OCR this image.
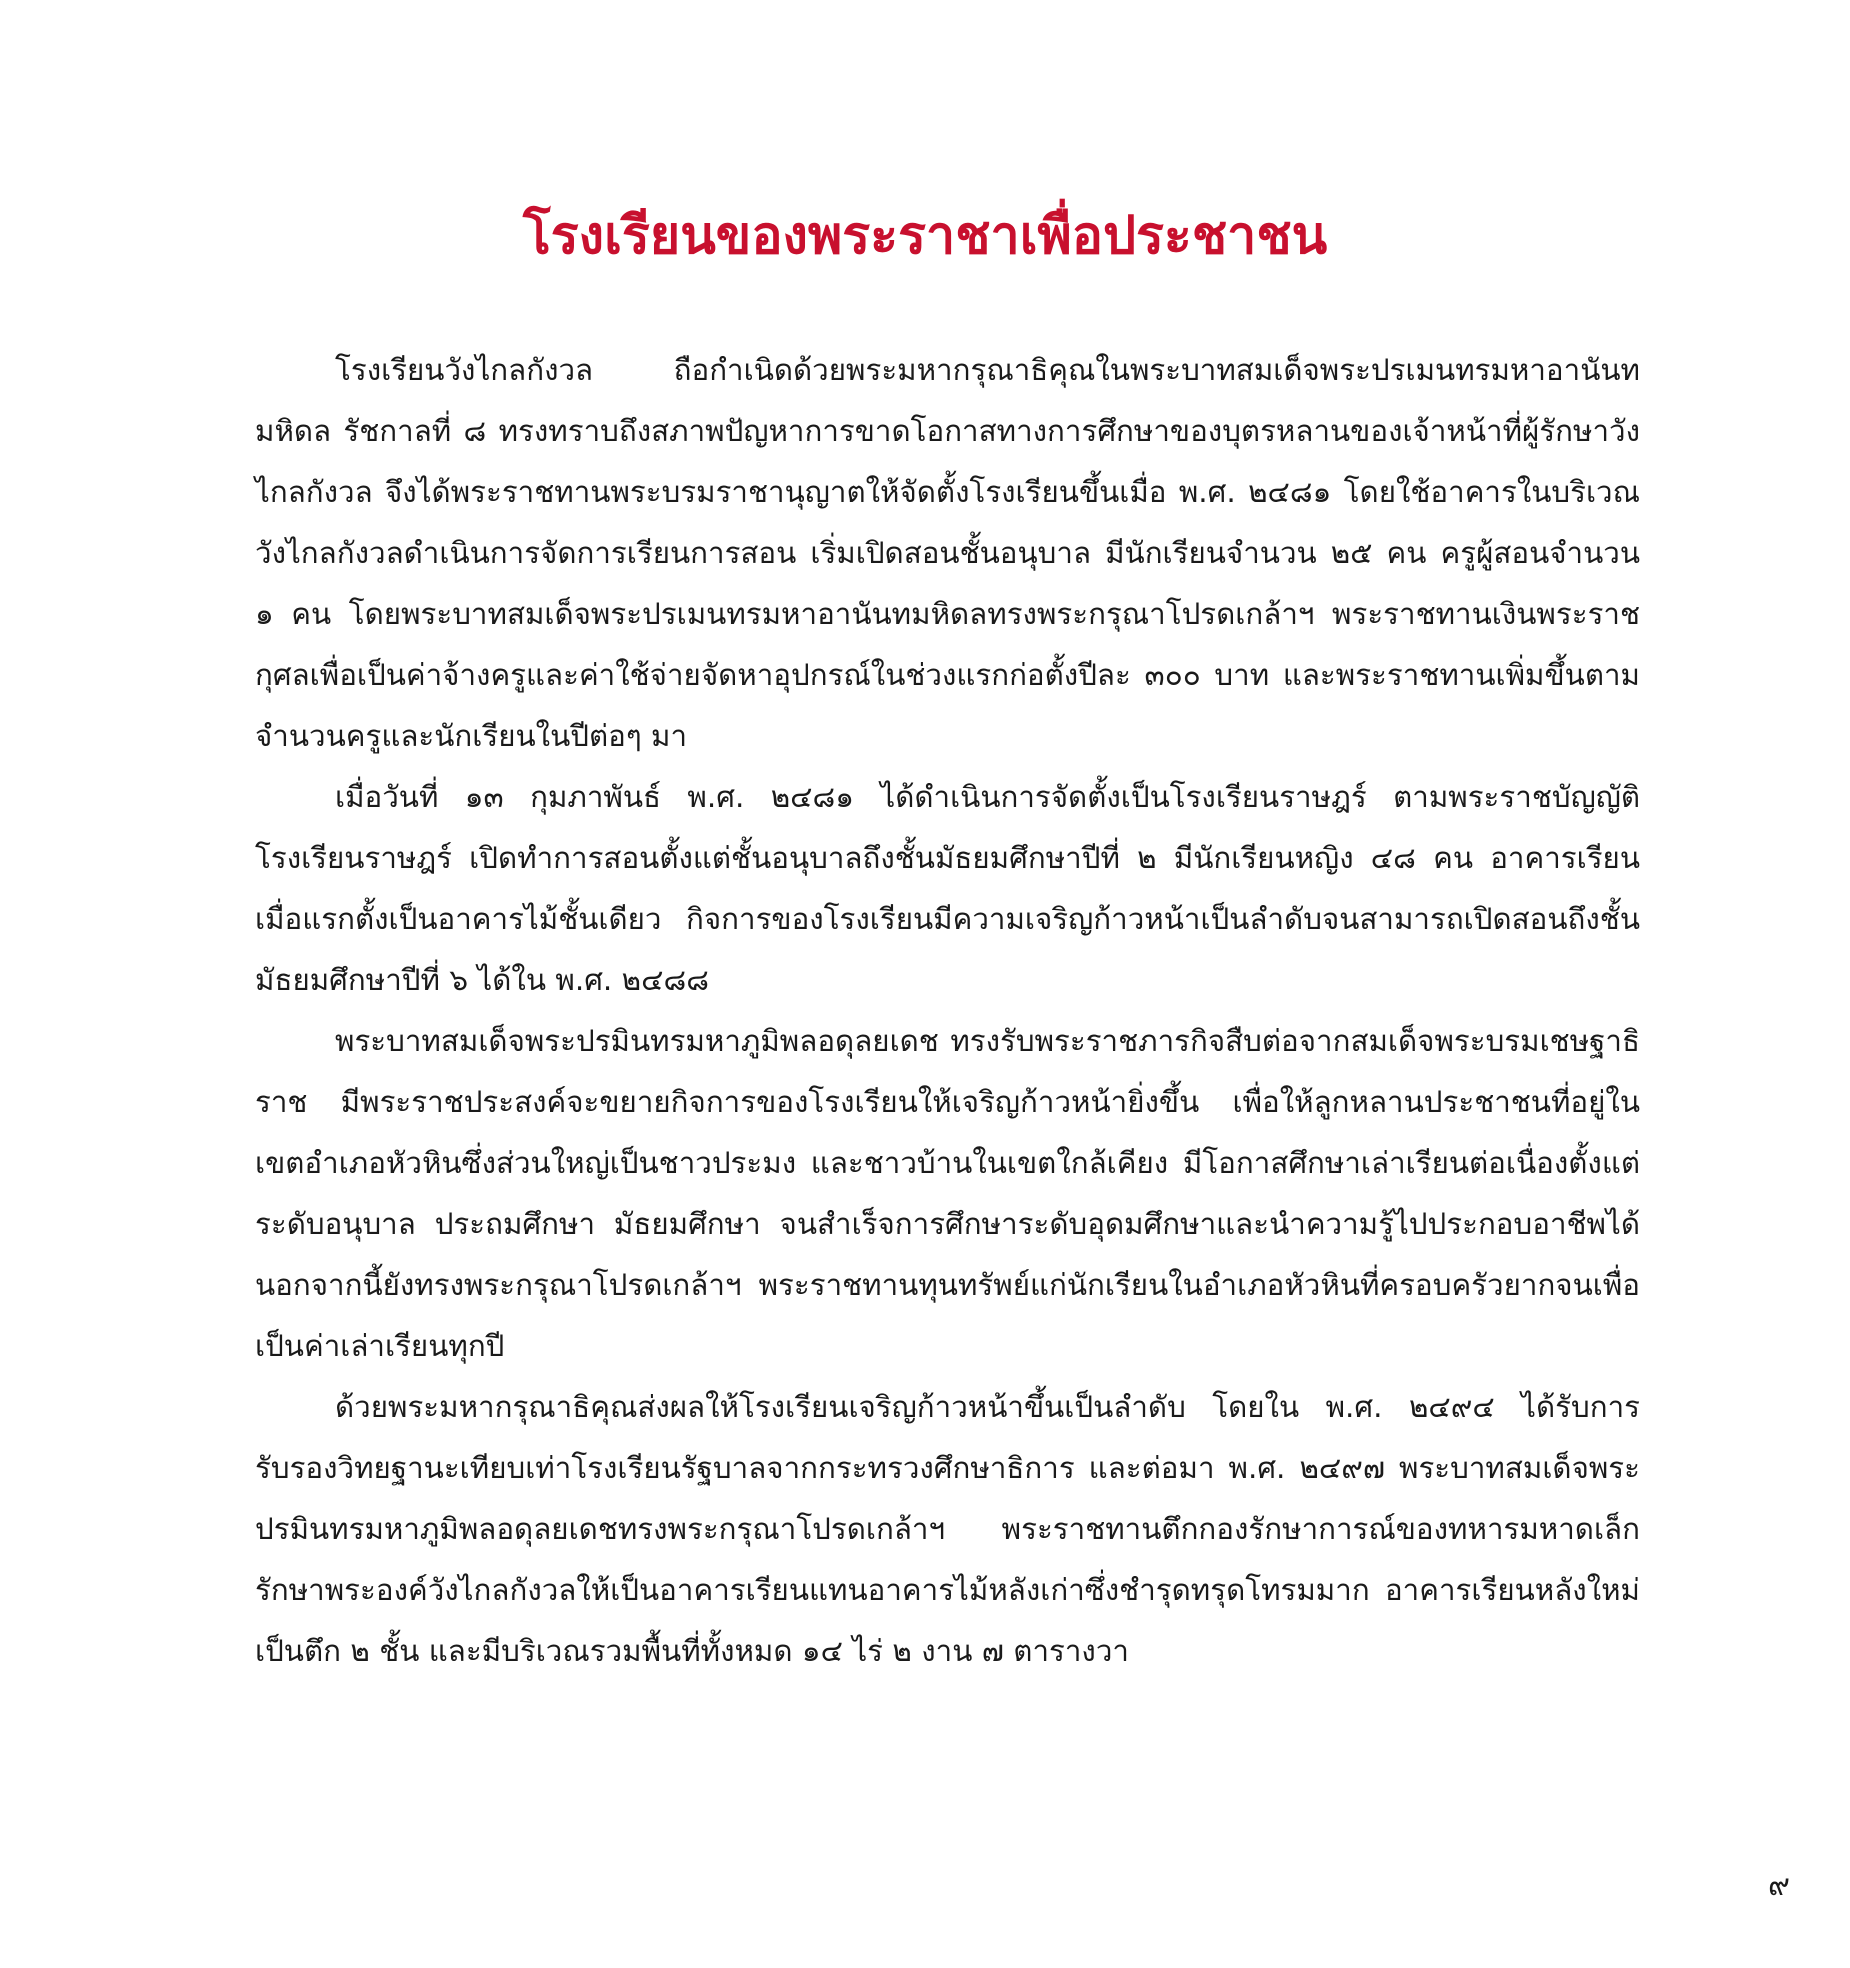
โรงเรียนของพระราชาเพื่อประชาชน

โรงเรียนวังไกลกังวล ถือกำเนิดด้วยพระมหากรุณาธิคุณในพระบาทสมเด็จพระปรเมนทรมหาอานันทมหิดล รัชกาลที่ ๘ ทรงทราบถึงสภาพปัญหาการขาดโอกาสทางการศึกษาของบุตรหลานของเจ้าหน้าที่ผู้รักษาวังไกลกังวล จึงได้พระราชทานพระบรมราชานุญาตให้จัดตั้งโรงเรียนขึ้นเมื่อ พ.ศ. ๒๔๘๑ โดยใช้อาคารในบริเวณวังไกลกังวลดำเนินการจัดการเรียนการสอน เริ่มเปิดสอนชั้นอนุบาล มีนักเรียนจำนวน ๒๕ คน ครูผู้สอนจำนวน ๑ คน โดยพระบาทสมเด็จพระปรเมนทรมหาอานันทมหิดลทรงพระกรุณาโปรดเกล้าฯ พระราชทานเงินพระราชกุศลเพื่อเป็นค่าจ้างครูและค่าใช้จ่ายจัดหาอุปกรณ์ในช่วงแรกก่อตั้งปีละ ๓๐๐ บาท และพระราชทานเพิ่มขึ้นตามจำนวนครูและนักเรียนในปีต่อๆ มา

เมื่อวันที่ ๑๓ กุมภาพันธ์ พ.ศ. ๒๔๘๑ ได้ดำเนินการจัดตั้งเป็นโรงเรียนราษฎร์ ตามพระราชบัญญัติโรงเรียนราษฎร์ เปิดทำการสอนตั้งแต่ชั้นอนุบาลถึงชั้นมัธยมศึกษาปีที่ ๒ มีนักเรียนหญิง ๔๘ คน อาคารเรียนเมื่อแรกตั้งเป็นอาคารไม้ชั้นเดียว กิจการของโรงเรียนมีความเจริญก้าวหน้าเป็นลำดับจนสามารถเปิดสอนถึงชั้นมัธยมศึกษาปีที่ ๖ ได้ใน พ.ศ. ๒๔๘๘

พระบาทสมเด็จพระปรมินทรมหาภูมิพลอดุลยเดช ทรงรับพระราชภารกิจสืบต่อจากสมเด็จพระบรมเชษฐาธิราช มีพระราชประสงค์จะขยายกิจการของโรงเรียนให้เจริญก้าวหน้ายิ่งขึ้น เพื่อให้ลูกหลานประชาชนที่อยู่ในเขตอำเภอหัวหินซึ่งส่วนใหญ่เป็นชาวประมง และชาวบ้านในเขตใกล้เคียง มีโอกาสศึกษาเล่าเรียนต่อเนื่องตั้งแต่ระดับอนุบาล ประถมศึกษา มัธยมศึกษา จนสำเร็จการศึกษาระดับอุดมศึกษาและนำความรู้ไปประกอบอาชีพได้ นอกจากนี้ยังทรงพระกรุณาโปรดเกล้าฯ พระราชทานทุนทรัพย์แก่นักเรียนในอำเภอหัวหินที่ครอบครัวยากจนเพื่อเป็นค่าเล่าเรียนทุกปี

ด้วยพระมหากรุณาธิคุณส่งผลให้โรงเรียนเจริญก้าวหน้าขึ้นเป็นลำดับ โดยใน พ.ศ. ๒๔๙๔ ได้รับการรับรองวิทยฐานะเทียบเท่าโรงเรียนรัฐบาลจากกระทรวงศึกษาธิการ และต่อมา พ.ศ. ๒๔๙๗ พระบาทสมเด็จพระปรมินทรมหาภูมิพลอดุลยเดชทรงพระกรุณาโปรดเกล้าฯ พระราชทานตึกกองรักษาการณ์ของทหารมหาดเล็กรักษาพระองค์วังไกลกังวลให้เป็นอาคารเรียนแทนอาคารไม้หลังเก่าซึ่งชำรุดทรุดโทรมมาก อาคารเรียนหลังใหม่เป็นตึก ๒ ชั้น และมีบริเวณรวมพื้นที่ทั้งหมด ๑๔ ไร่ ๒ งาน ๗ ตารางวา

๙
